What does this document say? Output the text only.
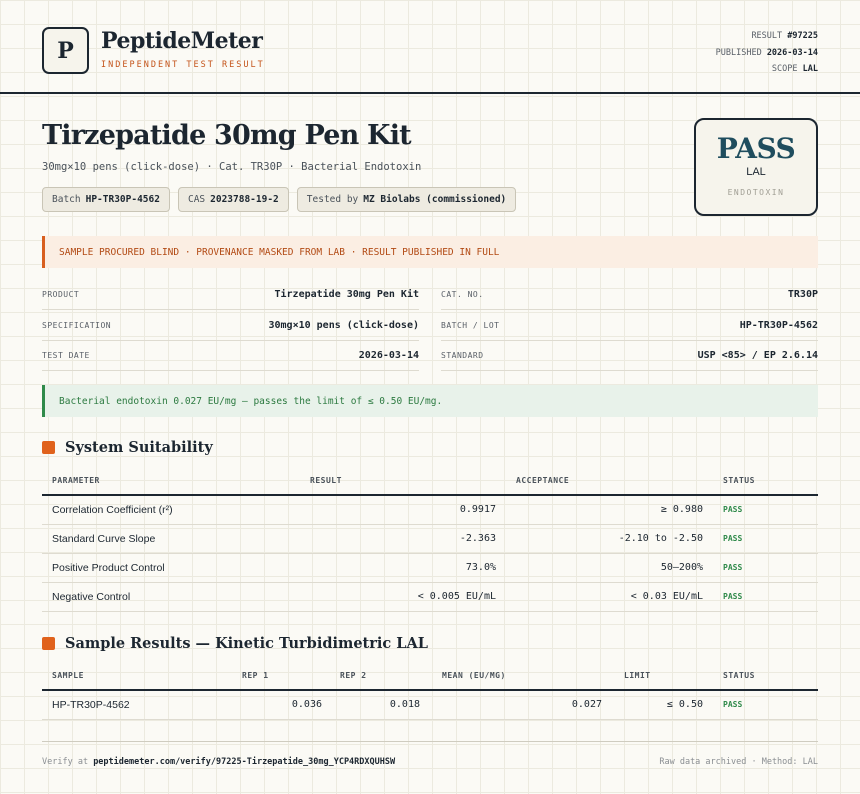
P PeptideMeter
INDEPENDENT TEST RESULT
RESULT #97225
PUBLISHED 2026-03-14
SCOPE LAL
Tirzepatide 30mg Pen Kit
30mg×10 pens (click-dose) · Cat. TR30P · Bacterial Endotoxin
Batch HP-TR30P-4562	CAS 2023788-19-2	Tested by MZ Biolabs (commissioned)
PASS
LAL
ENDOTOXIN
SAMPLE PROCURED BLIND · PROVENANCE MASKED FROM LAB · RESULT PUBLISHED IN FULL
PRODUCT	Tirzepatide 30mg Pen Kit
SPECIFICATION	30mg×10 pens (click-dose)
TEST DATE	2026-03-14
CAT. NO.	TR30P
BATCH / LOT	HP-TR30P-4562
STANDARD	USP <85> / EP 2.6.14
Bacterial endotoxin 0.027 EU/mg — passes the limit of ≤ 0.50 EU/mg.
System Suitability
PARAMETER	RESULT	ACCEPTANCE	STATUS
Correlation Coefficient (r²)	0.9917	≥ 0.980	PASS
Standard Curve Slope	-2.363	-2.10 to -2.50	PASS
Positive Product Control	73.0%	50–200%	PASS
Negative Control	< 0.005 EU/mL	< 0.03 EU/mL	PASS
Sample Results — Kinetic Turbidimetric LAL
SAMPLE	REP 1	REP 2	MEAN (EU/MG)	LIMIT	STATUS
HP-TR30P-4562	0.036	0.018	0.027	≤ 0.50	PASS
Verify at peptidemeter.com/verify/97225-Tirzepatide_30mg_YCP4RDXQUHSW	Raw data archived · Method: LAL
